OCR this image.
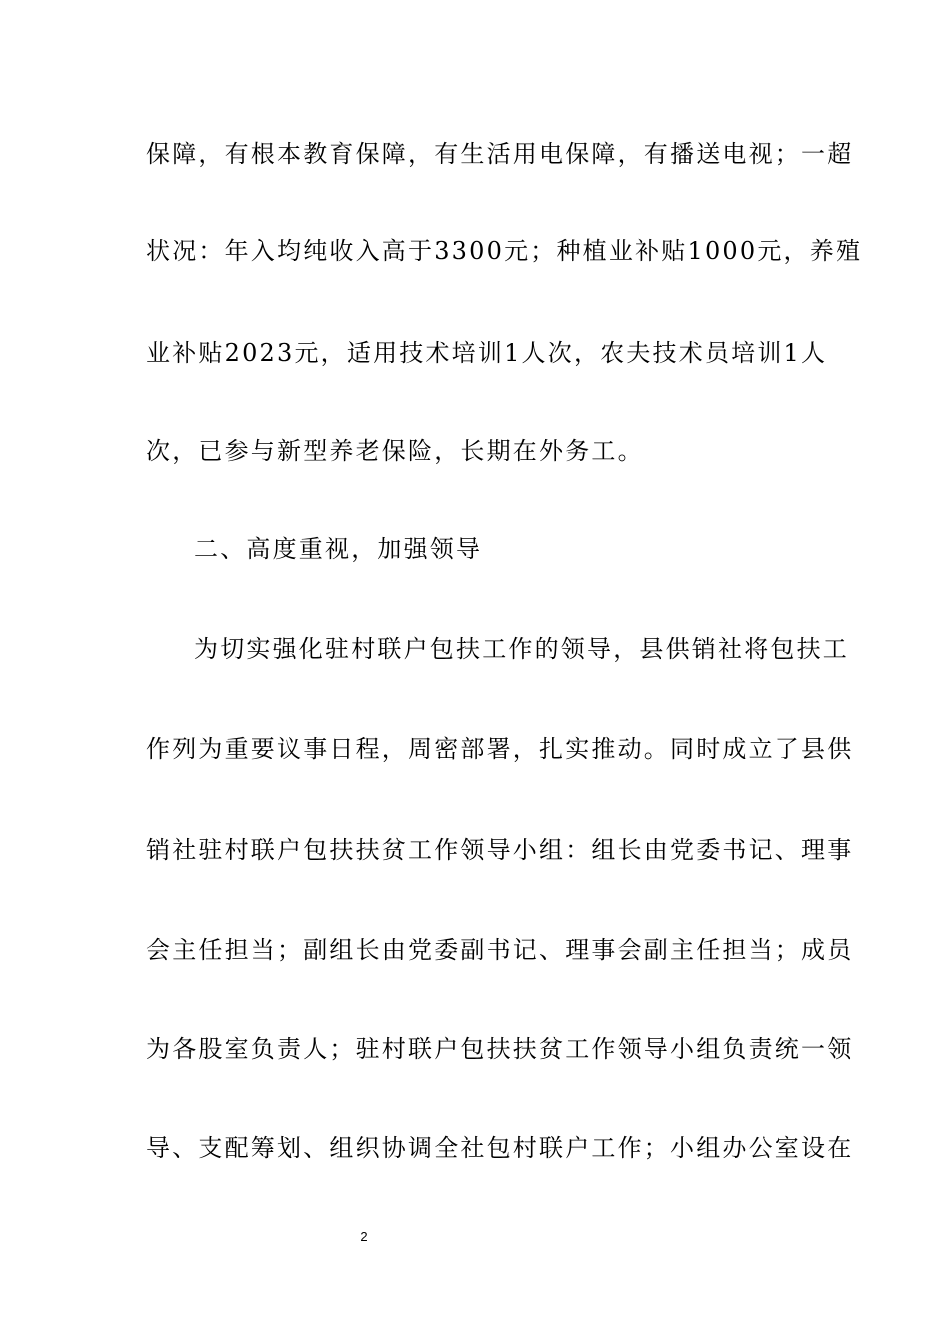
保障，有根本教育保障，有生活用电保障，有播送电视；一超
状况：年入均纯收入高于3300元；种植业补贴1000元，养殖
业补贴2023元，适用技术培训1人次，农夫技术员培训1人
次，已参与新型养老保险，长期在外务工。
二、高度重视，加强领导
为切实强化驻村联户包扶工作的领导，县供销社将包扶工
作列为重要议事日程，周密部署，扎实推动。同时成立了县供
销社驻村联户包扶扶贫工作领导小组：组长由党委书记、理事
会主任担当；副组长由党委副书记、理事会副主任担当；成员
为各股室负责人；驻村联户包扶扶贫工作领导小组负责统一领
导、支配筹划、组织协调全社包村联户工作；小组办公室设在
2
